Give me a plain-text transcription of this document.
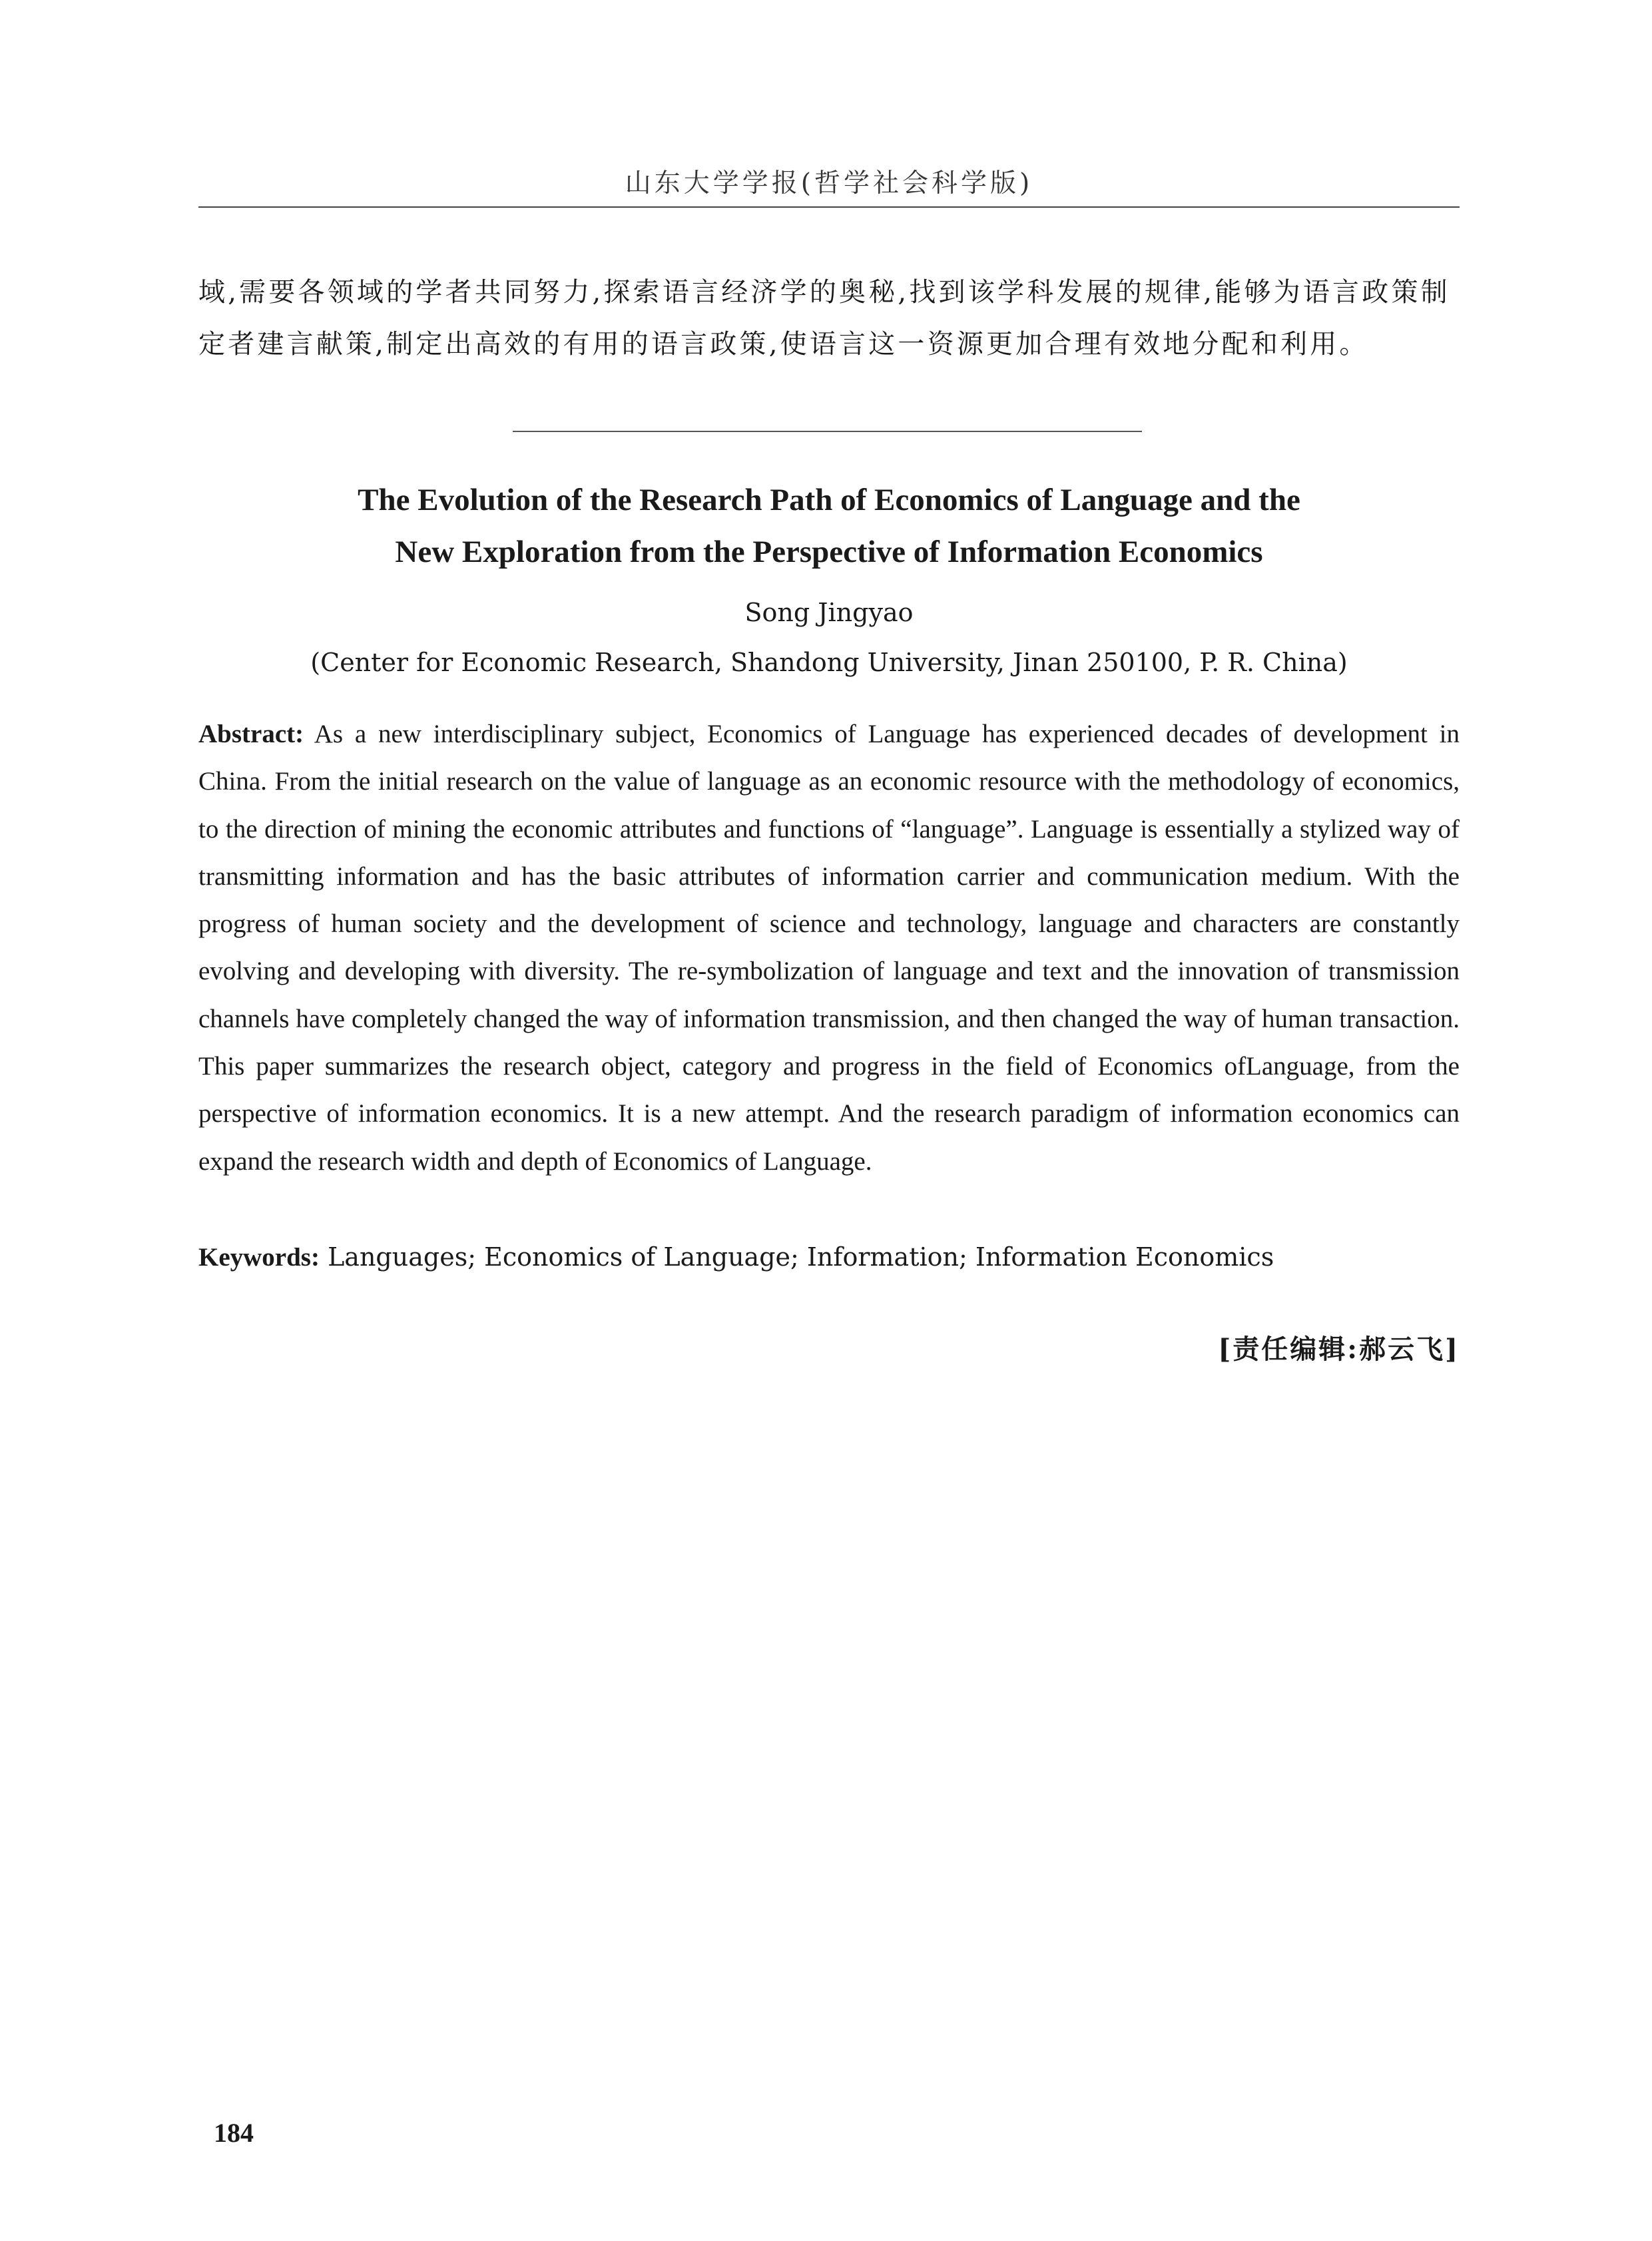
山东大学学报(哲学社会科学版)
域,需要各领域的学者共同努力,探索语言经济学的奥秘,找到该学科发展的规律,能够为语言政策制
定者建言献策,制定出高效的有用的语言政策,使语言这一资源更加合理有效地分配和利用。
The Evolution of the Research Path of Economics of Language and the
New Exploration from the Perspective of Information Economics
Song Jingyao
(Center for Economic Research, Shandong University, Jinan 250100, P. R. China)
Abstract: As a new interdisciplinary subject, Economics of Language has experienced decades of development in China. From the initial research on the value of language as an economic resource with the methodology of economics, to the direction of mining the economic attributes and functions of “language”. Language is essentially a stylized way of transmitting information and has the basic attributes of information carrier and communication medium. With the progress of human society and the development of science and technology, language and characters are constantly evolving and developing with diversity. The re-symbolization of language and text and the innovation of transmission channels have completely changed the way of information transmission, and then changed the way of human transaction. This paper summarizes the research object, category and progress in the field of Economics ofLanguage, from the perspective of information economics. It is a new attempt. And the research paradigm of information economics can expand the research width and depth of Economics of Language.
Keywords: Languages; Economics of Language; Information; Information Economics
[责任编辑:郝云飞]
184
